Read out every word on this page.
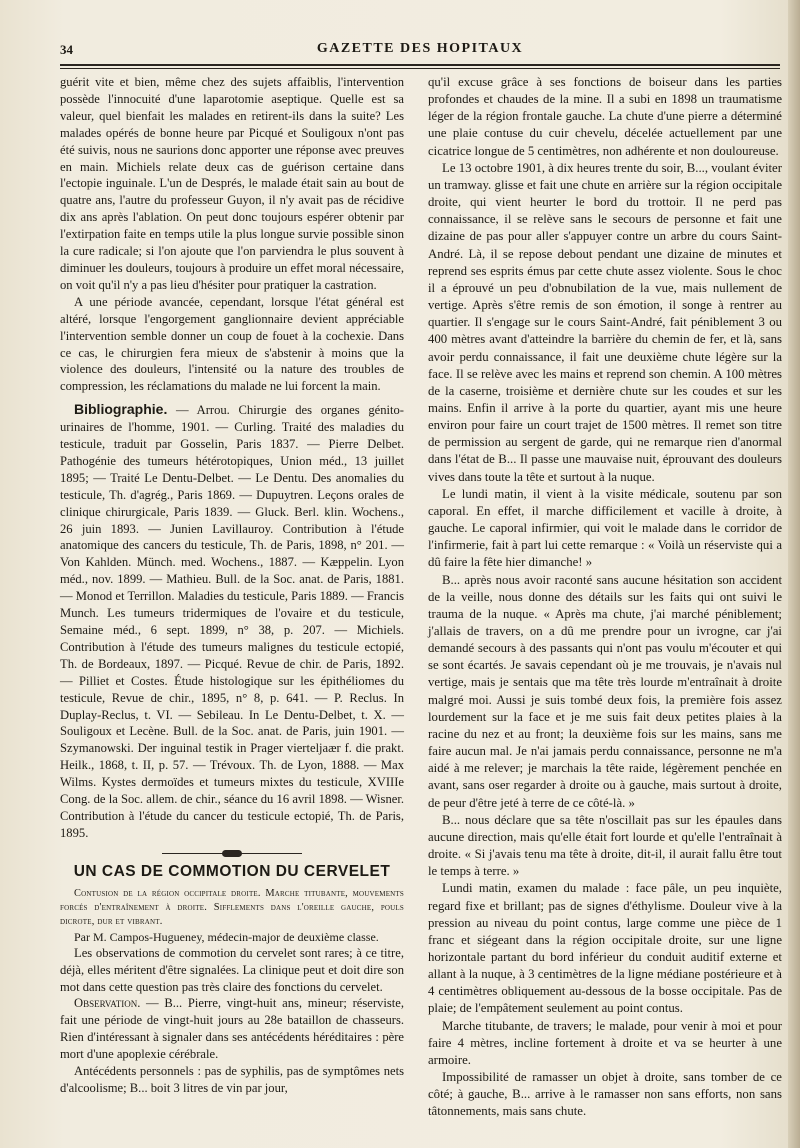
34	GAZETTE DES HOPITAUX

guérit vite et bien, même chez des sujets affaiblis, l'intervention possède l'innocuité d'une laparotomie aseptique. Quelle est sa valeur, quel bienfait les malades en retirent-ils dans la suite? Les malades opérés de bonne heure par Picqué et Souligoux n'ont pas été suivis, nous ne saurions donc apporter une réponse avec preuves en main. Michiels relate deux cas de guérison certaine dans l'ectopie inguinale. L'un de Després, le malade était sain au bout de quatre ans, l'autre du professeur Guyon, il n'y avait pas de récidive dix ans après l'ablation. On peut donc toujours espérer obtenir par l'extirpation faite en temps utile la plus longue survie possible sinon la cure radicale; si l'on ajoute que l'on parviendra le plus souvent à diminuer les douleurs, toujours à produire un effet moral nécessaire, on voit qu'il n'y a pas lieu d'hésiter pour pratiquer la castration.

A une période avancée, cependant, lorsque l'état général est altéré, lorsque l'engorgement ganglionnaire devient appréciable l'intervention semble donner un coup de fouet à la cochexie. Dans ce cas, le chirurgien fera mieux de s'abstenir à moins que la violence des douleurs, l'intensité ou la nature des troubles de compression, les réclamations du malade ne lui forcent la main.

Bibliographie. — Arrou. Chirurgie des organes génito-urinaires de l'homme, 1901. — Curling. Traité des maladies du testicule, traduit par Gosselin, Paris 1837. — Pierre Delbet. Pathogénie des tumeurs hétérotopiques, Union méd., 13 juillet 1895; — Traité Le Dentu-Delbet. — Le Dentu. Des anomalies du testicule, Th. d'agrég., Paris 1869. — Dupuytren. Leçons orales de clinique chirurgicale, Paris 1839. — Gluck. Berl. klin. Wochens., 26 juin 1893. — Junien Lavillauroy. Contribution à l'étude anatomique des cancers du testicule, Th. de Paris, 1898, n° 201. — Von Kahlden. Münch. med. Wochens., 1887. — Kæppelin. Lyon méd., nov. 1899. — Mathieu. Bull. de la Soc. anat. de Paris, 1881. — Monod et Terrillon. Maladies du testicule, Paris 1889. — Francis Munch. Les tumeurs tridermiques de l'ovaire et du testicule, Semaine méd., 6 sept. 1899, n° 38, p. 207. — Michiels. Contribution à l'étude des tumeurs malignes du testicule ectopié, Th. de Bordeaux, 1897. — Picqué. Revue de chir. de Paris, 1892. — Pilliet et Costes. Étude histologique sur les épithéliomes du testicule, Revue de chir., 1895, n° 8, p. 641. — P. Reclus. In Duplay-Reclus, t. VI. — Sebileau. In Le Dentu-Delbet, t. X. — Souligoux et Lecène. Bull. de la Soc. anat. de Paris, juin 1901. — Szymanowski. Der inguinal testik in Prager vierteljaær f. die prakt. Heilk., 1868, t. II, p. 57. — Trévoux. Th. de Lyon, 1888. — Max Wilms. Kystes dermoïdes et tumeurs mixtes du testicule, XVIIIe Cong. de la Soc. allem. de chir., séance du 16 avril 1898. — Wisner. Contribution à l'étude du cancer du testicule ectopié, Th. de Paris, 1895.

UN CAS DE COMMOTION DU CERVELET

Contusion de la région occipitale droite. Marche titubante, mouvements forcés d'entraînement à droite. Sifflements dans l'oreille gauche, pouls dicrote, dur et vibrant.

Par M. Campos-Hugueney, médecin-major de deuxième classe.

Les observations de commotion du cervelet sont rares; à ce titre, déjà, elles méritent d'être signalées. La clinique peut et doit dire son mot dans cette question pas très claire des fonctions du cervelet.

Observation. — B... Pierre, vingt-huit ans, mineur; réserviste, fait une période de vingt-huit jours au 28e bataillon de chasseurs. Rien d'intéressant à signaler dans ses antécédents héréditaires : père mort d'une apoplexie cérébrale.

Antécédents personnels : pas de syphilis, pas de symptômes nets d'alcoolisme; B... boit 3 litres de vin par jour,

qu'il excuse grâce à ses fonctions de boiseur dans les parties profondes et chaudes de la mine. Il a subi en 1898 un traumatisme léger de la région frontale gauche. La chute d'une pierre a déterminé une plaie contuse du cuir chevelu, décelée actuellement par une cicatrice longue de 5 centimètres, non adhérente et non douloureuse.

Le 13 octobre 1901, à dix heures trente du soir, B..., voulant éviter un tramway. glisse et fait une chute en arrière sur la région occipitale droite, qui vient heurter le bord du trottoir. Il ne perd pas connaissance, il se relève sans le secours de personne et fait une dizaine de pas pour aller s'appuyer contre un arbre du cours Saint-André. Là, il se repose debout pendant une dizaine de minutes et reprend ses esprits émus par cette chute assez violente. Sous le choc il a éprouvé un peu d'obnubilation de la vue, mais nullement de vertige. Après s'être remis de son émotion, il songe à rentrer au quartier. Il s'engage sur le cours Saint-André, fait péniblement 3 ou 400 mètres avant d'atteindre la barrière du chemin de fer, et là, sans avoir perdu connaissance, il fait une deuxième chute légère sur la face. Il se relève avec les mains et reprend son chemin. A 100 mètres de la caserne, troisième et dernière chute sur les coudes et sur les mains. Enfin il arrive à la porte du quartier, ayant mis une heure environ pour faire un court trajet de 1500 mètres. Il remet son titre de permission au sergent de garde, qui ne remarque rien d'anormal dans l'état de B... Il passe une mauvaise nuit, éprouvant des douleurs vives dans toute la tête et surtout à la nuque.

Le lundi matin, il vient à la visite médicale, soutenu par son caporal. En effet, il marche difficilement et vacille à droite, à gauche. Le caporal infirmier, qui voit le malade dans le corridor de l'infirmerie, fait à part lui cette remarque : « Voilà un réserviste qui a dû faire la fête hier dimanche! »

B... après nous avoir raconté sans aucune hésitation son accident de la veille, nous donne des détails sur les faits qui ont suivi le trauma de la nuque. « Après ma chute, j'ai marché péniblement; j'allais de travers, on a dû me prendre pour un ivrogne, car j'ai demandé secours à des passants qui n'ont pas voulu m'écouter et qui se sont écartés. Je savais cependant où je me trouvais, je n'avais nul vertige, mais je sentais que ma tête très lourde m'entraînait à droite malgré moi. Aussi je suis tombé deux fois, la première fois assez lourdement sur la face et je me suis fait deux petites plaies à la racine du nez et au front; la deuxième fois sur les mains, sans me faire aucun mal. Je n'ai jamais perdu connaissance, personne ne m'a aidé à me relever; je marchais la tête raide, légèrement penchée en avant, sans oser regarder à droite ou à gauche, mais surtout à droite, de peur d'être jeté à terre de ce côté-là. »

B... nous déclare que sa tête n'oscillait pas sur les épaules dans aucune direction, mais qu'elle était fort lourde et qu'elle l'entraînait à droite. « Si j'avais tenu ma tête à droite, dit-il, il aurait fallu être tout le temps à terre. »

Lundi matin, examen du malade : face pâle, un peu inquiète, regard fixe et brillant; pas de signes d'éthylisme. Douleur vive à la pression au niveau du point contus, large comme une pièce de 1 franc et siégeant dans la région occipitale droite, sur une ligne horizontale partant du bord inférieur du conduit auditif externe et allant à la nuque, à 3 centimètres de la ligne médiane postérieure et à 4 centimètres obliquement au-dessous de la bosse occipitale. Pas de plaie; de l'empâtement seulement au point contus.

Marche titubante, de travers; le malade, pour venir à moi et pour faire 4 mètres, incline fortement à droite et va se heurter à une armoire.

Impossibilité de ramasser un objet à droite, sans tomber de ce côté; à gauche, B... arrive à le ramasser non sans efforts, non sans tâtonnements, mais sans chute.
